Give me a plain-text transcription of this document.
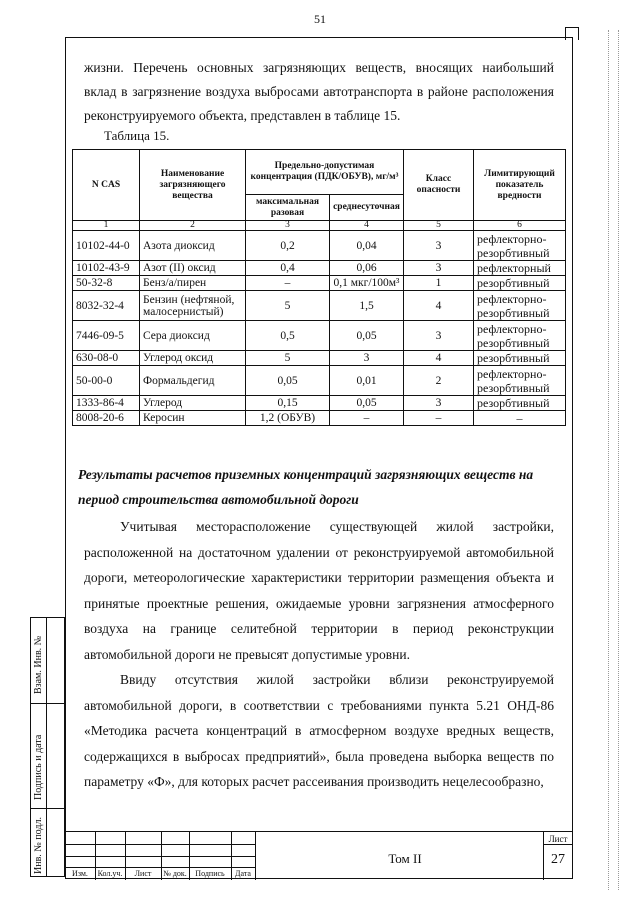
51
жизни. Перечень основных загрязняющих веществ, вносящих наибольший
вклад в загрязнение воздуха выбросами автотранспорта в районе расположения
реконструируемого объекта, представлен в таблице 15.
Таблица 15.
N CAS	Наименование загрязняющего вещества	Предельно-допустимая концентрация (ПДК/ОБУВ), мг/м³		Класс опасности	Лимитирующий показатель вредности
		максимальная разовая	среднесуточная		
1	2	3	4	5	6
10102-44-0	Азота диоксид	0,2	0,04	3	рефлекторно-резорбтивный
10102-43-9	Азот (II) оксид	0,4	0,06	3	рефлекторный
50-32-8	Бенз/а/пирен	–	0,1 мкг/100м³	1	резорбтивный
8032-32-4	Бензин (нефтяной, малосернистый)	5	1,5	4	рефлекторно-резорбтивный
7446-09-5	Сера диоксид	0,5	0,05	3	рефлекторно-резорбтивный
630-08-0	Углерод оксид	5	3	4	резорбтивный
50-00-0	Формальдегид	0,05	0,01	2	рефлекторно-резорбтивный
1333-86-4	Углерод	0,15	0,05	3	резорбтивный
8008-20-6	Керосин	1,2 (ОБУВ)	–	–	–
Результаты расчетов приземных концентраций загрязняющих веществ на период строительства автомобильной дороги

Учитывая месторасположение существующей жилой застройки, расположенной на достаточном удалении от реконструируемой автомобильной дороги, метеорологические характеристики территории размещения объекта и принятые проектные решения, ожидаемые уровни загрязнения атмосферного воздуха на границе селитебной территории в период реконструкции автомобильной дороги не превысят допустимые уровни.

Ввиду отсутствия жилой застройки вблизи реконструируемой автомобильной дороги, в соответствии с требованиями пункта 5.21 ОНД-86 «Методика расчета концентраций в атмосферном воздухе вредных веществ, содержащихся в выбросах предприятий», была проведена выборка веществ по параметру «Ф», для которых расчет рассеивания производить нецелесообразно,

Взам. Инв. №
Подпись и дата
Инв. № подл.	Изм.	Кол.уч.	Лист	№ док.	Подпись	Дата
Том II
Лист
27
